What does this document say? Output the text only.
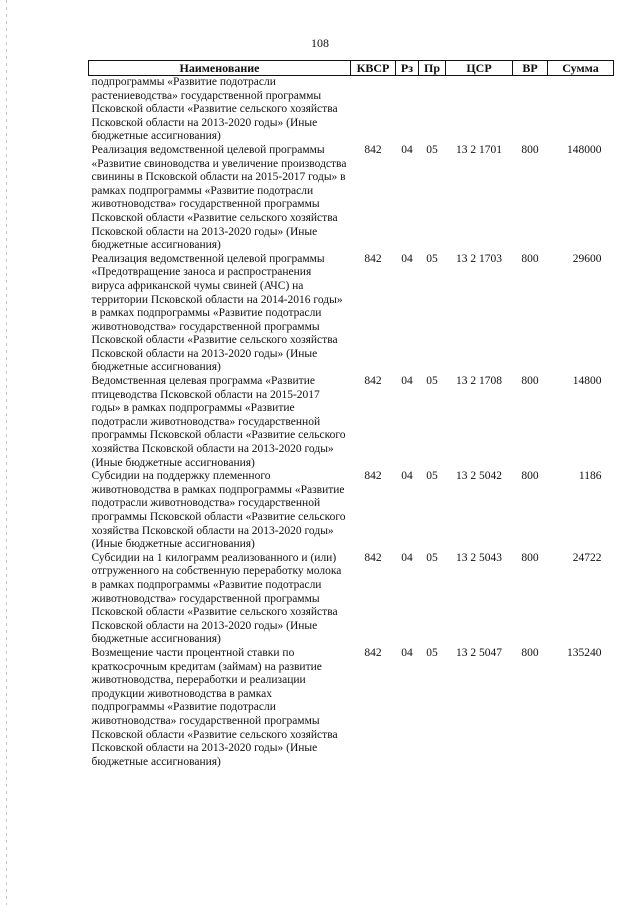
108
Наименование	КВСР	Рз	Пр	ЦСР	ВР	Сумма
подпрограммы «Развитие подотрасли растениеводства» государственной программы Псковской области «Развитие сельского хозяйства Псковской области на 2013-2020 годы» (Иные бюджетные ассигнования)						
Реализация ведомственной целевой программы «Развитие свиноводства и увеличение производства свинины в Псковской области на 2015-2017 годы» в рамках подпрограммы «Развитие подотрасли животноводства» государственной программы Псковской области «Развитие сельского хозяйства Псковской области на 2013-2020 годы» (Иные бюджетные ассигнования)	842	04	05	13 2 1701	800	148000
Реализация ведомственной целевой программы «Предотвращение заноса и распространения вируса африканской чумы свиней (АЧС) на территории Псковской области на 2014-2016 годы» в рамках подпрограммы «Развитие подотрасли животноводства» государственной программы Псковской области «Развитие сельского хозяйства Псковской области на 2013-2020 годы» (Иные бюджетные ассигнования)	842	04	05	13 2 1703	800	29600
Ведомственная целевая программа «Развитие птицеводства Псковской области на 2015-2017 годы» в рамках подпрограммы «Развитие подотрасли животноводства» государственной программы Псковской области «Развитие сельского хозяйства Псковской области на 2013-2020 годы» (Иные бюджетные ассигнования)	842	04	05	13 2 1708	800	14800
Субсидии на поддержку племенного животноводства в рамках подпрограммы «Развитие подотрасли животноводства» государственной программы Псковской области «Развитие сельского хозяйства Псковской области на 2013-2020 годы» (Иные бюджетные ассигнования)	842	04	05	13 2 5042	800	1186
Субсидии на 1 килограмм реализованного и (или) отгруженного на собственную переработку молока в рамках подпрограммы «Развитие подотрасли животноводства» государственной программы Псковской области «Развитие сельского хозяйства Псковской области на 2013-2020 годы» (Иные бюджетные ассигнования)	842	04	05	13 2 5043	800	24722
Возмещение части процентной ставки по краткосрочным кредитам (займам) на развитие животноводства, переработки и реализации продукции животноводства в рамках подпрограммы «Развитие подотрасли животноводства» государственной программы Псковской области «Развитие сельского хозяйства Псковской области на 2013-2020 годы» (Иные бюджетные ассигнования)	842	04	05	13 2 5047	800	135240
